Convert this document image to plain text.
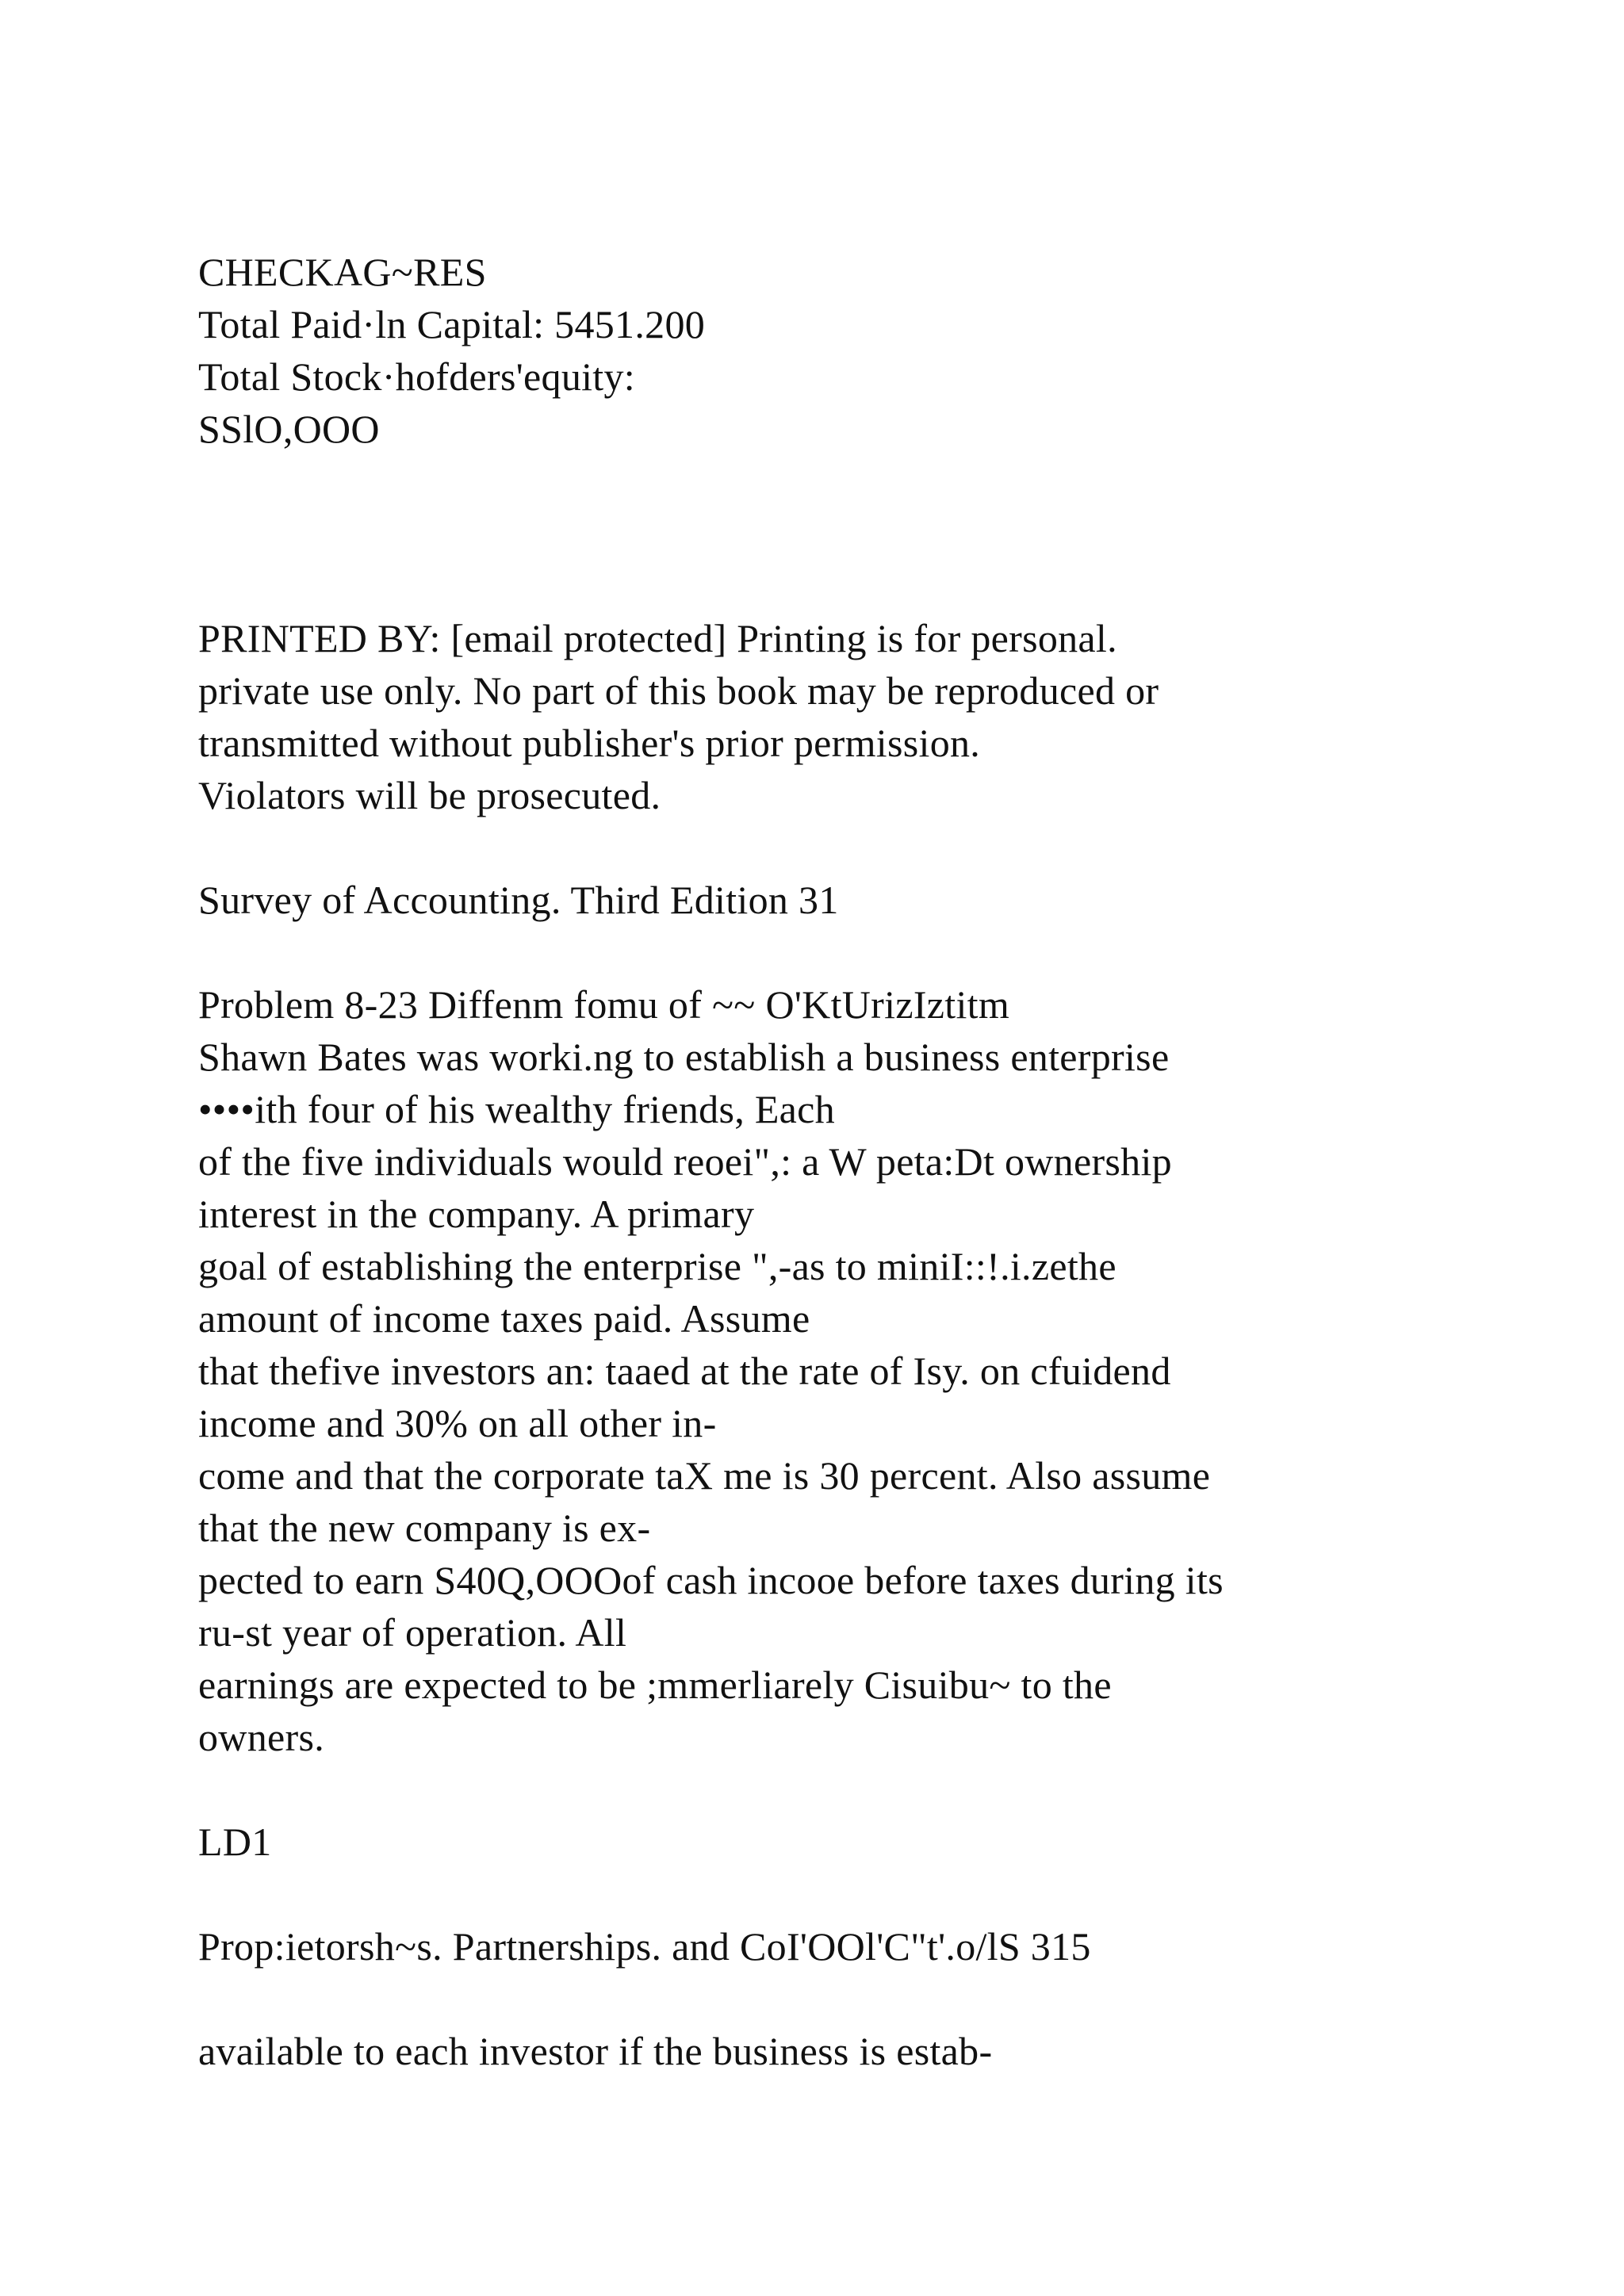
CHECKAG~RES
Total Paid·ln Capital: 5451.200
Total Stock·hofders'equity:
SSlO,OOO
PRINTED BY: [email protected] Printing is for personal.
private use only. No part of this book may be reproduced or
transmitted without publisher's prior permission.
Violators will be prosecuted.
Survey of Accounting. Third Edition 31
Problem 8-23 Diffenm fomu of ~~ O'KtUrizIztitm
Shawn Bates was worki.ng to establish a business enterprise
••••ith four of his wealthy friends, Each
of the five individuals would reoei",: a W peta:Dt ownership
interest in the company. A primary
goal of establishing the enterprise ",-as to miniI::!.i.zethe
amount of income taxes paid. Assume
that thefive investors an: taaed at the rate of Isy. on cfuidend
income and 30% on all other in-
come and that the corporate taX me is 30 percent. Also assume
that the new company is ex-
pected to earn S40Q,OOOof cash incooe before taxes during its
ru-st year of operation. All
earnings are expected to be ;mmerliarely Cisuibu~ to the
owners.
LD1
Prop:ietorsh~s. Partnerships. and CoI'OOl'C"t'.o/lS 315
available to each investor if the business is estab-
